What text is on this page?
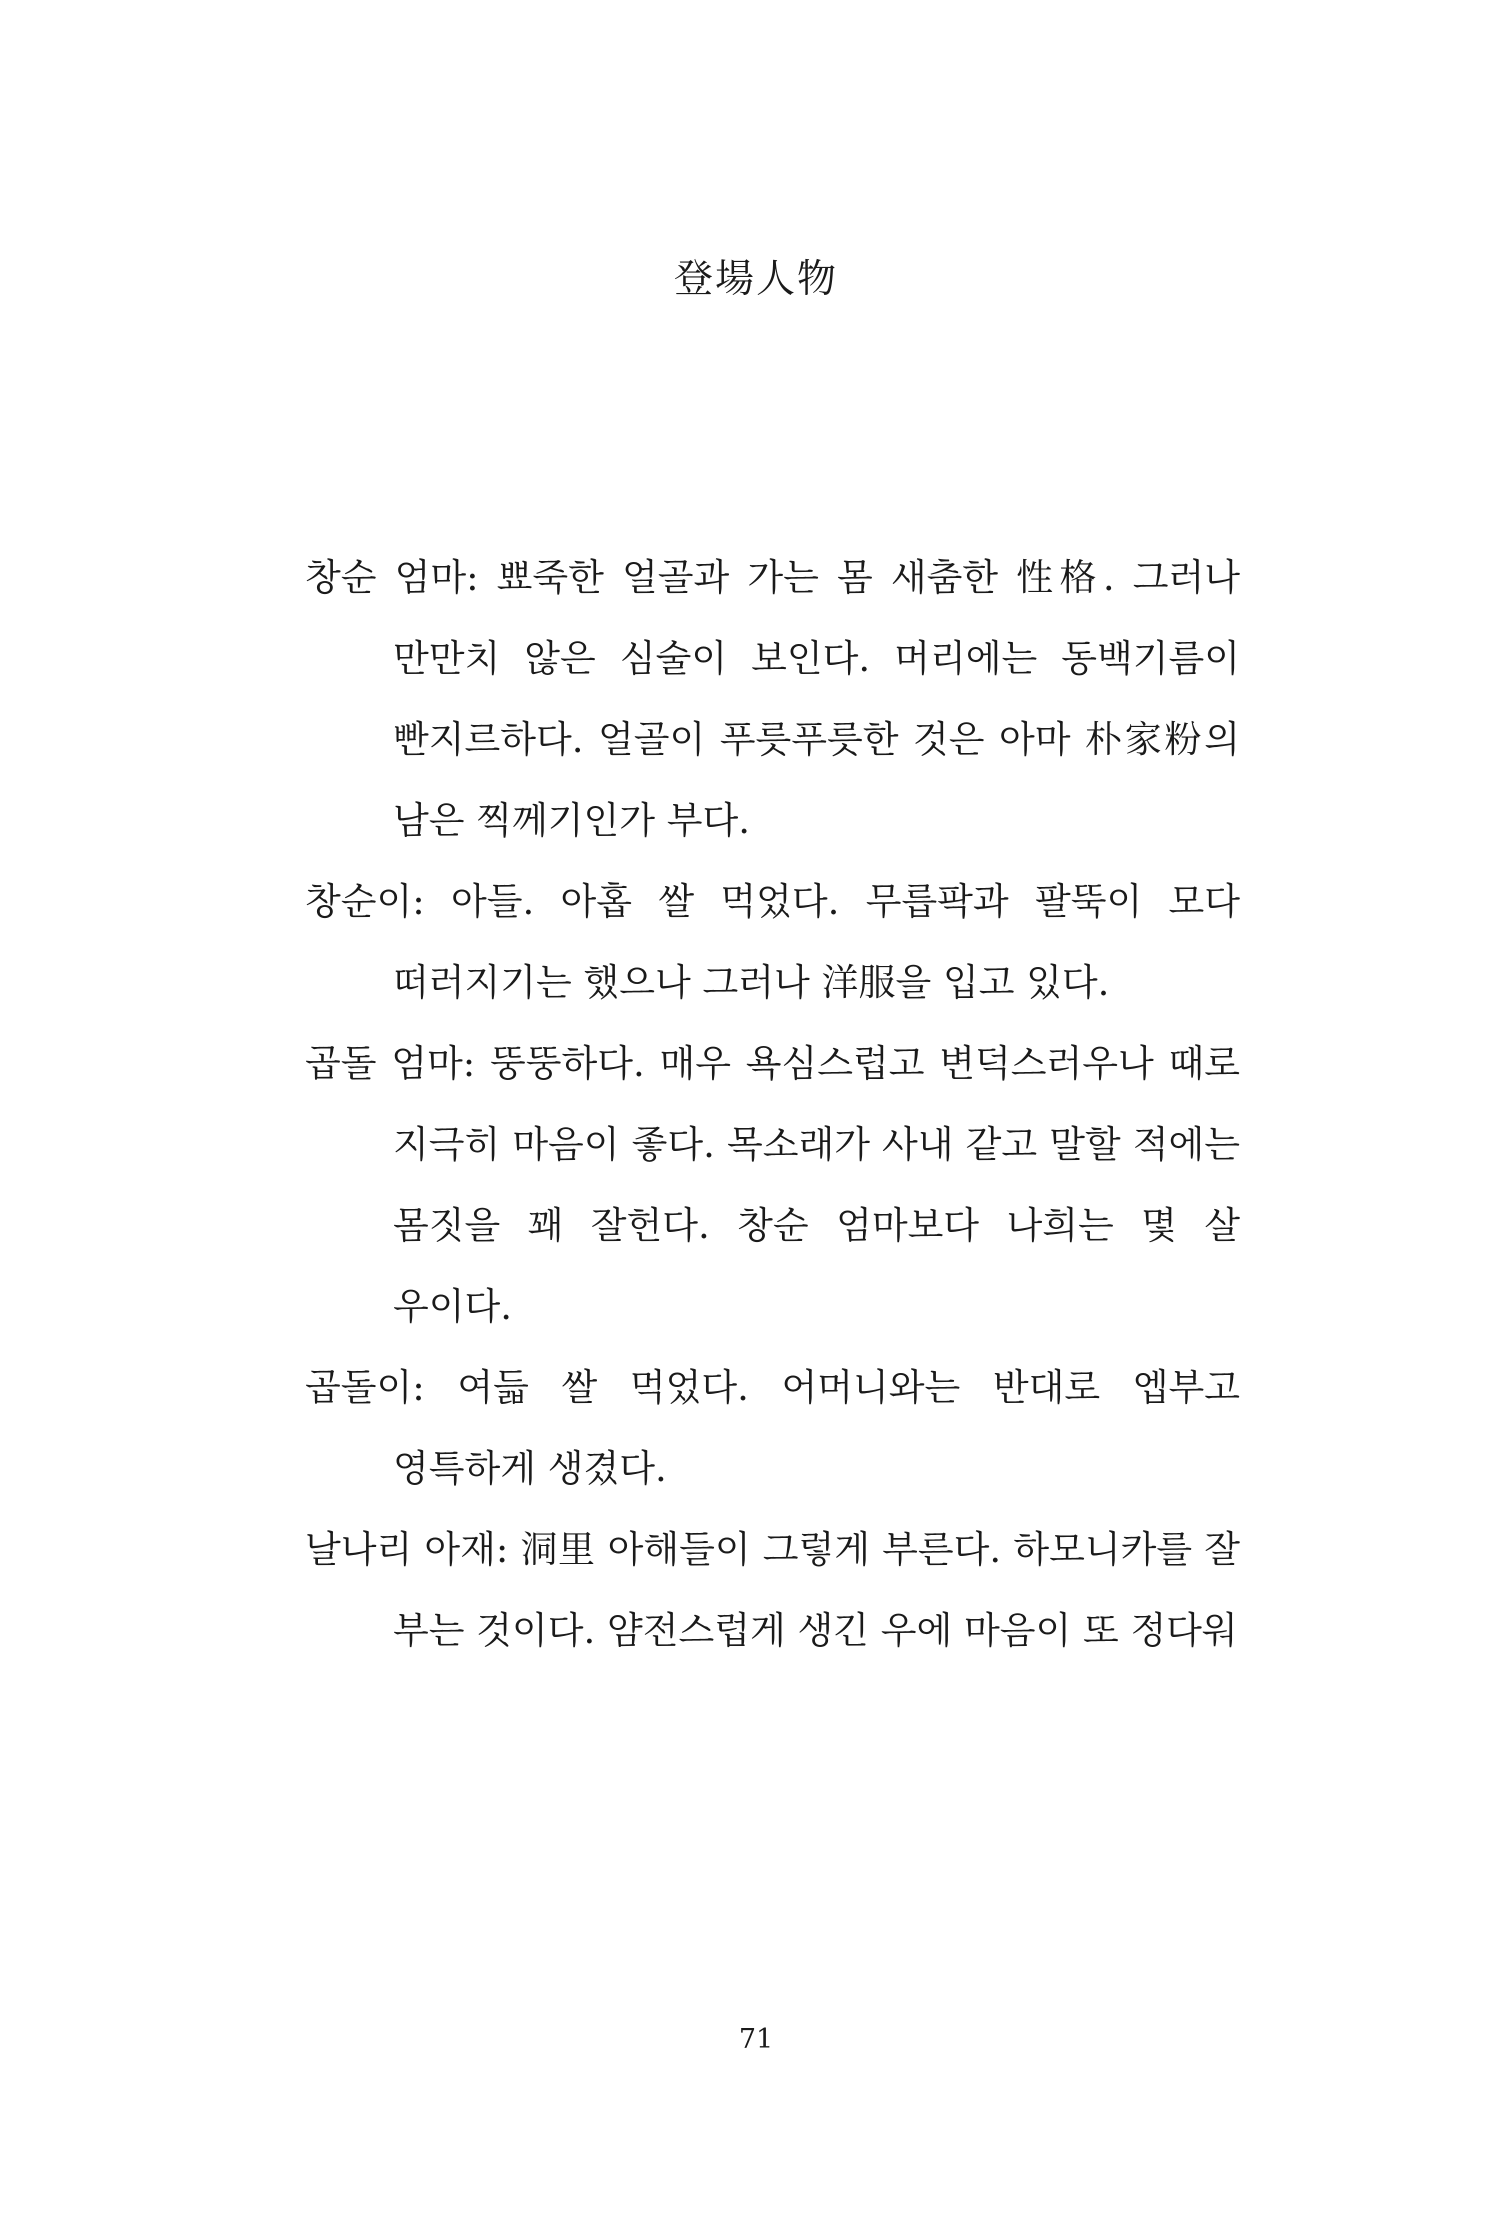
登場人物

창순 엄마: 뾰죽한 얼골과 가는 몸 새춤한 性格. 그러나 만만치 않은 심술이 보인다. 머리에는 동백기름이 빤지르하다. 얼골이 푸릇푸릇한 것은 아마 朴家粉의 남은 찍께기인가 부다.

창순이: 아들. 아홉 쌀 먹었다. 무릅팍과 팔뚝이 모다 떠러지기는 했으나 그러나 洋服을 입고 있다.

곱돌 엄마: 뚱뚱하다. 매우 욕심스럽고 변덕스러우나 때로 지극히 마음이 좋다. 목소래가 사내 같고 말할 적에는 몸짓을 꽤 잘헌다. 창순 엄마보다 나희는 몇 살 우이다.

곱돌이: 여듧 쌀 먹었다. 어머니와는 반대로 엡부고 영특하게 생겼다.

날나리 아재: 洞里 아해들이 그렇게 부른다. 하모니카를 잘 부는 것이다. 얌전스럽게 생긴 우에 마음이 또 정다워

71
